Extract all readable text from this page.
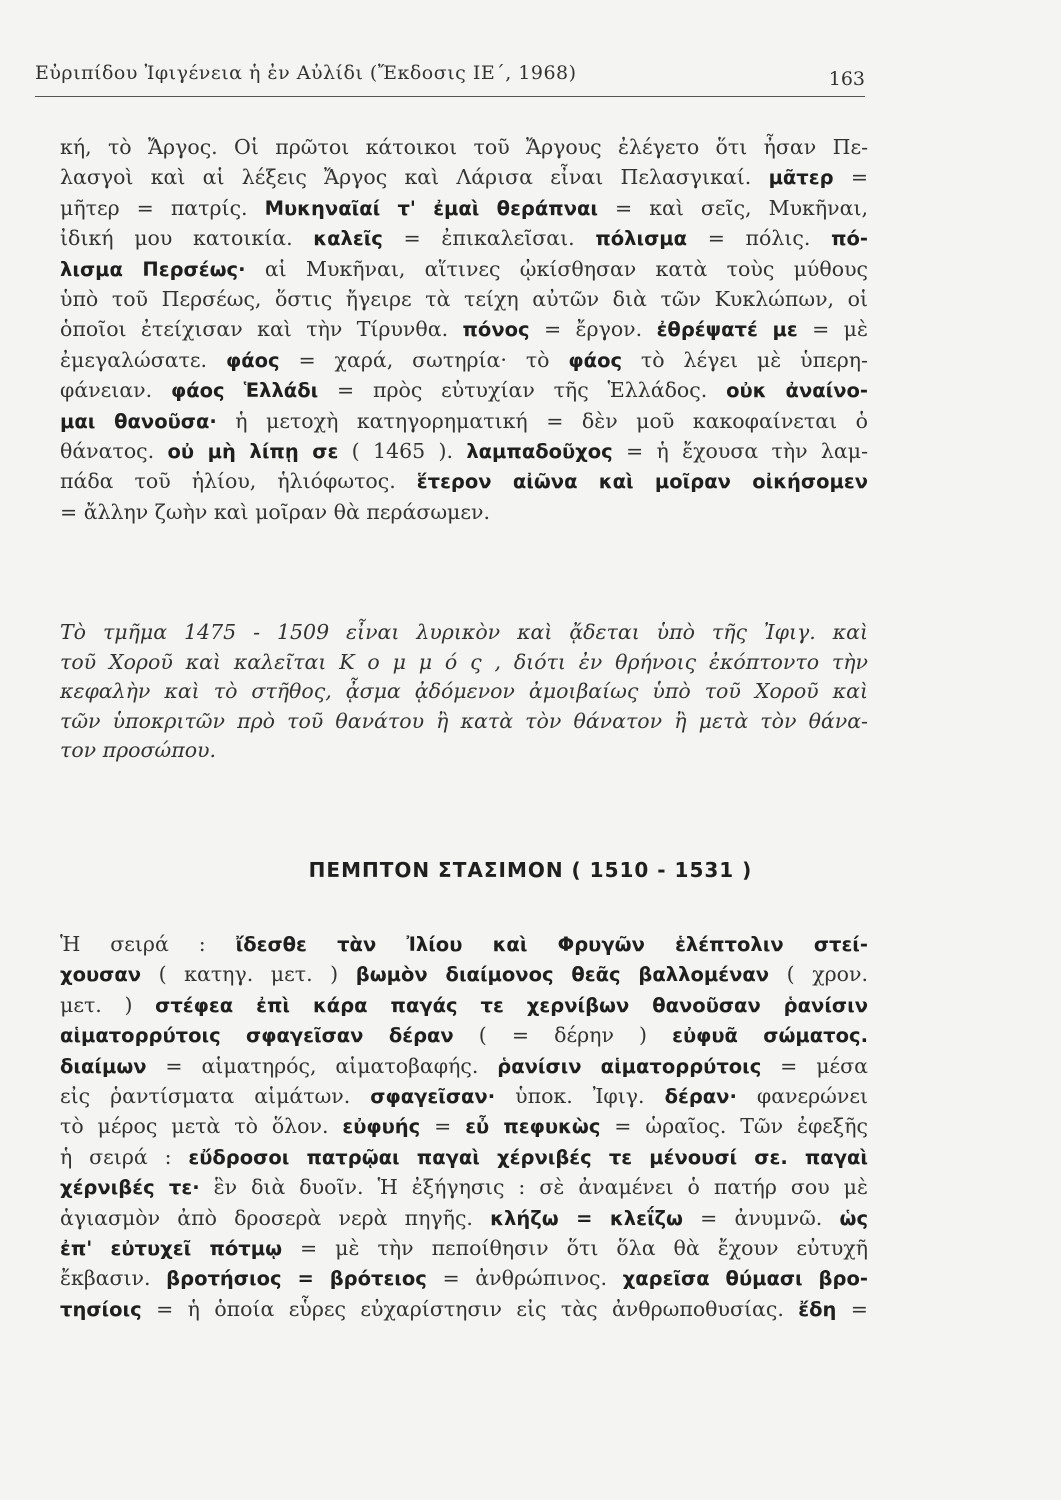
Εὐριπίδου Ἰφιγένεια ἡ ἐν Αὐλίδι (Ἔκδοσις ΙΕ΄, 1968)	163
κή, τὸ Ἄργος. Οἱ πρῶτοι κάτοικοι τοῦ Ἄργους ἐλέγετο ὅτι ἦσαν Πε-
λασγοὶ καὶ αἱ λέξεις Ἄργος καὶ Λάρισα εἶναι Πελασγικαί. μᾶτερ =
μῆτερ = πατρίς. Μυκηναῖαί τ' ἐμαὶ θεράπναι = καὶ σεῖς, Μυκῆναι,
ἰδική μου κατοικία. καλεῖς = ἐπικαλεῖσαι. πόλισμα = πόλις. πό-
λισμα Περσέως· αἱ Μυκῆναι, αἵτινες ᾠκίσθησαν κατὰ τοὺς μύθους
ὑπὸ τοῦ Περσέως, ὅστις ἤγειρε τὰ τείχη αὐτῶν διὰ τῶν Κυκλώπων, οἱ
ὁποῖοι ἐτείχισαν καὶ τὴν Τίρυνθα. πόνος = ἔργον. ἐθρέψατέ με = μὲ
ἐμεγαλώσατε. φάος = χαρά, σωτηρία· τὸ φάος τὸ λέγει μὲ ὑπερη-
φάνειαν. φάος Ἑλλάδι = πρὸς εὐτυχίαν τῆς Ἑλλάδος. οὐκ ἀναίνο-
μαι θανοῦσα· ἡ μετοχὴ κατηγορηματική = δὲν μοῦ κακοφαίνεται ὁ
θάνατος. οὐ μὴ λίπῃ σε ( 1465 ). λαμπαδοῦχος = ἡ ἔχουσα τὴν λαμ-
πάδα τοῦ ἡλίου, ἡλιόφωτος. ἕτερον αἰῶνα καὶ μοῖραν οἰκήσομεν
= ἄλλην ζωὴν καὶ μοῖραν θὰ περάσωμεν.
Τὸ τμῆμα 1475 - 1509 εἶναι λυρικὸν καὶ ᾄδεται ὑπὸ τῆς Ἰφιγ. καὶ
τοῦ Χοροῦ καὶ καλεῖται Κ ο μ μ ό ς , διότι ἐν θρήνοις ἐκόπτοντο τὴν
κεφαλὴν καὶ τὸ στῆθος, ᾆσμα ᾀδόμενον ἀμοιβαίως ὑπὸ τοῦ Χοροῦ καὶ
τῶν ὑποκριτῶν πρὸ τοῦ θανάτου ἢ κατὰ τὸν θάνατον ἢ μετὰ τὸν θάνα-
τον προσώπου.
ΠΕΜΠΤΟΝ ΣΤΑΣΙΜΟΝ ( 1510 - 1531 )
Ἡ σειρά : ἴδεσθε τὰν Ἰλίου καὶ Φρυγῶν ἑλέπτολιν στεί-
χουσαν ( κατηγ. μετ. ) βωμὸν διαίμονος θεᾶς βαλλομέναν ( χρον.
μετ. ) στέφεα ἐπὶ κάρα παγάς τε χερνίβων θανοῦσαν ῥανίσιν
αἱματορρύτοις σφαγεῖσαν δέραν ( = δέρην ) εὐφυᾶ σώματος.
διαίμων = αἱματηρός, αἱματοβαφής. ῥανίσιν αἱματορρύτοις = μέσα
εἰς ῥαντίσματα αἱμάτων. σφαγεῖσαν· ὑποκ. Ἰφιγ. δέραν· φανερώνει
τὸ μέρος μετὰ τὸ ὅλον. εὐφυής = εὖ πεφυκὼς = ὡραῖος. Τῶν ἐφεξῆς
ἡ σειρά : εὔδροσοι πατρῷαι παγαὶ χέρνιβές τε μένουσί σε. παγαὶ
χέρνιβές τε· ἓν διὰ δυοῖν. Ἡ ἐξήγησις : σὲ ἀναμένει ὁ πατήρ σου μὲ
ἁγιασμὸν ἀπὸ δροσερὰ νερὰ πηγῆς. κλήζω = κλεΐζω = ἀνυμνῶ. ὡς
ἐπ' εὐτυχεῖ πότμῳ = μὲ τὴν πεποίθησιν ὅτι ὅλα θὰ ἔχουν εὐτυχῆ
ἔκβασιν. βροτήσιος = βρότειος = ἀνθρώπινος. χαρεῖσα θύμασι βρο-
τησίοις = ἡ ὁποία εὗρες εὐχαρίστησιν εἰς τὰς ἀνθρωποθυσίας. ἔδη =
